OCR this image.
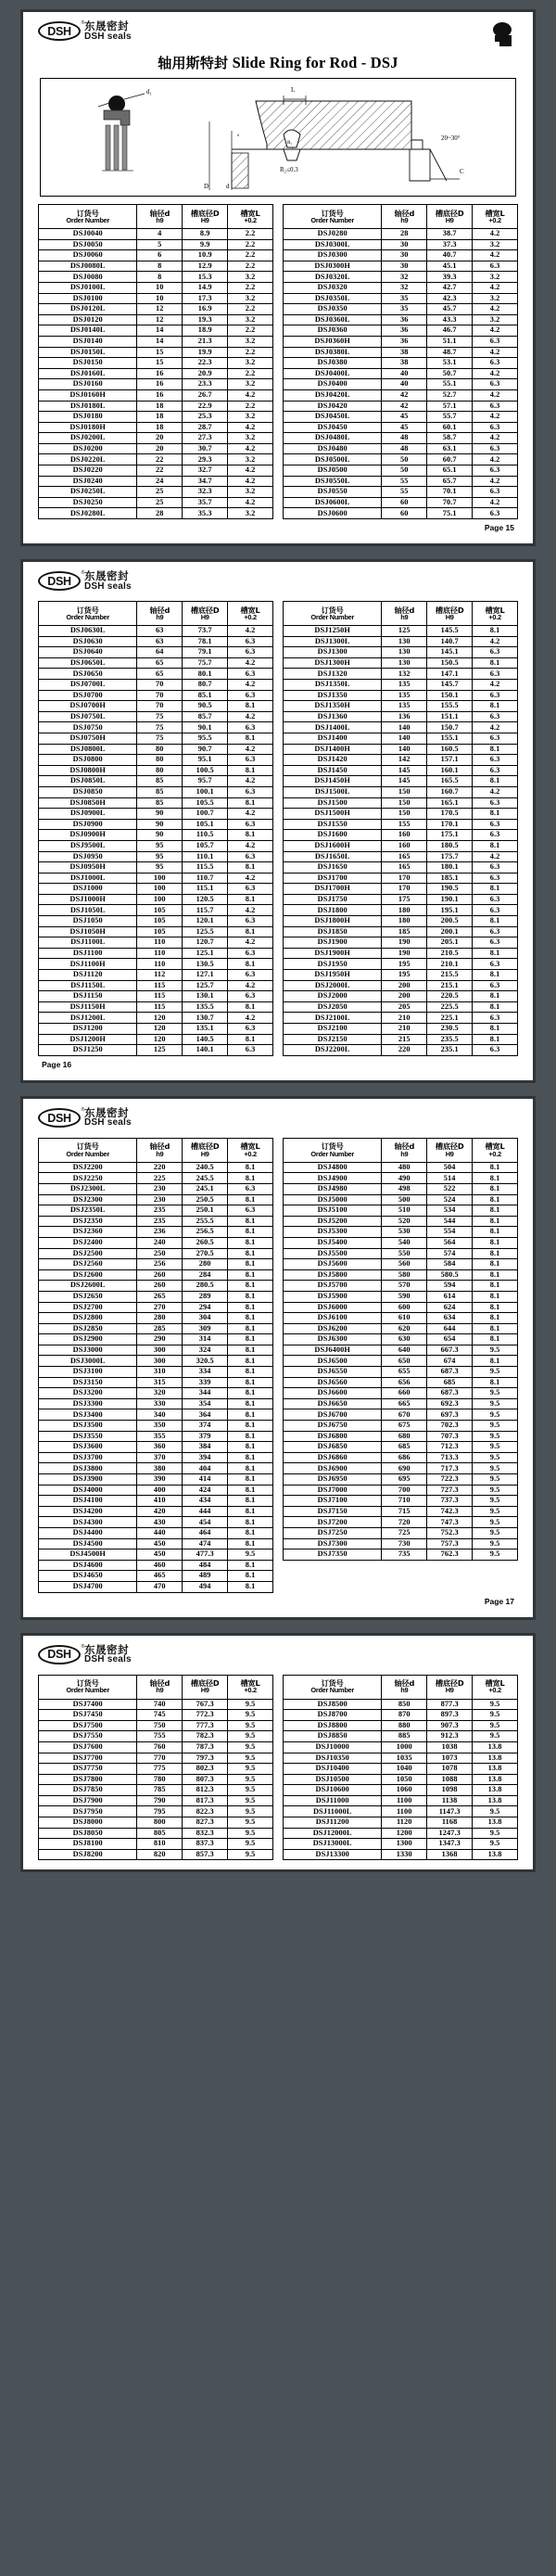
DSH
® 东晟密封
DSH seals
轴用斯特封 Slide Ring for Rod - DSJ
d₁
R₁
R₂≤0.3
L
D	d
s	20~30°
C
订货号
Order Number	轴径d
h9	槽底径D
H9	槽宽L
+0.2

DSJ0040	4	8.9	2.2
DSJ0050	5	9.9	2.2
DSJ0060	6	10.9	2.2
DSJ0080L	8	12.9	2.2
DSJ0080	8	15.3	3.2
DSJ0100L	10	14.9	2.2
DSJ0100	10	17.3	3.2
DSJ0120L	12	16.9	2.2
DSJ0120	12	19.3	3.2
DSJ0140L	14	18.9	2.2
DSJ0140	14	21.3	3.2
DSJ0150L	15	19.9	2.2
DSJ0150	15	22.3	3.2
DSJ0160L	16	20.9	2.2
DSJ0160	16	23.3	3.2
DSJ0160H	16	26.7	4.2
DSJ0180L	18	22.9	2.2
DSJ0180	18	25.3	3.2
DSJ0180H	18	28.7	4.2
DSJ0200L	20	27.3	3.2
DSJ0200	20	30.7	4.2
DSJ0220L	22	29.3	3.2
DSJ0220	22	32.7	4.2
DSJ0240	24	34.7	4.2
DSJ0250L	25	32.3	3.2
DSJ0250	25	35.7	4.2
DSJ0280L	28	35.3	3.2
订货号
Order Number	轴径d
h9	槽底径D
H9	槽宽L
+0.2

DSJ0280	28	38.7	4.2
DSJ0300L	30	37.3	3.2
DSJ0300	30	40.7	4.2
DSJ0300H	30	45.1	6.3
DSJ0320L	32	39.3	3.2
DSJ0320	32	42.7	4.2
DSJ0350L	35	42.3	3.2
DSJ0350	35	45.7	4.2
DSJ0360L	36	43.3	3.2
DSJ0360	36	46.7	4.2
DSJ0360H	36	51.1	6.3
DSJ0380L	38	48.7	4.2
DSJ0380	38	53.1	6.3
DSJ0400L	40	50.7	4.2
DSJ0400	40	55.1	6.3
DSJ0420L	42	52.7	4.2
DSJ0420	42	57.1	6.3
DSJ0450L	45	55.7	4.2
DSJ0450	45	60.1	6.3
DSJ0480L	48	58.7	4.2
DSJ0480	48	63.1	6.3
DSJ0500L	50	60.7	4.2
DSJ0500	50	65.1	6.3
DSJ0550L	55	65.7	4.2
DSJ0550	55	70.1	6.3
DSJ0600L	60	70.7	4.2
DSJ0600	60	75.1	6.3
Page 15
DSH
® 东晟密封
DSH seals
订货号
Order Number	轴径d
h9	槽底径D
H9	槽宽L
+0.2

DSJ0630L	63	73.7	4.2
DSJ0630	63	78.1	6.3
DSJ0640	64	79.1	6.3
DSJ0650L	65	75.7	4.2
DSJ0650	65	80.1	6.3
DSJ0700L	70	80.7	4.2
DSJ0700	70	85.1	6.3
DSJ0700H	70	90.5	8.1
DSJ0750L	75	85.7	4.2
DSJ0750	75	90.1	6.3
DSJ0750H	75	95.5	8.1
DSJ0800L	80	90.7	4.2
DSJ0800	80	95.1	6.3
DSJ0800H	80	100.5	8.1
DSJ0850L	85	95.7	4.2
DSJ0850	85	100.1	6.3
DSJ0850H	85	105.5	8.1
DSJ0900L	90	100.7	4.2
DSJ0900	90	105.1	6.3
DSJ0900H	90	110.5	8.1
DSJ9500L	95	105.7	4.2
DSJ0950	95	110.1	6.3
DSJ0950H	95	115.5	8.1
DSJ1000L	100	110.7	4.2
DSJ1000	100	115.1	6.3
DSJ1000H	100	120.5	8.1
DSJ1050L	105	115.7	4.2
DSJ1050	105	120.1	6.3
DSJ1050H	105	125.5	8.1
DSJ1100L	110	120.7	4.2
DSJ1100	110	125.1	6.3
DSJ1100H	110	130.5	8.1
DSJ1120	112	127.1	6.3
DSJ1150L	115	125.7	4.2
DSJ1150	115	130.1	6.3
DSJ1150H	115	135.5	8.1
DSJ1200L	120	130.7	4.2
DSJ1200	120	135.1	6.3
DSJ1200H	120	140.5	8.1
DSJ1250	125	140.1	6.3
订货号
Order Number	轴径d
h9	槽底径D
H9	槽宽L
+0.2

DSJ1250H	125	145.5	8.1
DSJ1300L	130	140.7	4.2
DSJ1300	130	145.1	6.3
DSJ1300H	130	150.5	8.1
DSJ1320	132	147.1	6.3
DSJ1350L	135	145.7	4.2
DSJ1350	135	150.1	6.3
DSJ1350H	135	155.5	8.1
DSJ1360	136	151.1	6.3
DSJ1400L	140	150.7	4.2
DSJ1400	140	155.1	6.3
DSJ1400H	140	160.5	8.1
DSJ1420	142	157.1	6.3
DSJ1450	145	160.1	6.3
DSJ1450H	145	165.5	8.1
DSJ1500L	150	160.7	4.2
DSJ1500	150	165.1	6.3
DSJ1500H	150	170.5	8.1
DSJ1550	155	170.1	6.3
DSJ1600	160	175.1	6.3
DSJ1600H	160	180.5	8.1
DSJ1650L	165	175.7	4.2
DSJ1650	165	180.1	6.3
DSJ1700	170	185.1	6.3
DSJ1700H	170	190.5	8.1
DSJ1750	175	190.1	6.3
DSJ1800	180	195.1	6.3
DSJ1800H	180	200.5	8.1
DSJ1850	185	200.1	6.3
DSJ1900	190	205.1	6.3
DSJ1900H	190	210.5	8.1
DSJ1950	195	210.1	6.3
DSJ1950H	195	215.5	8.1
DSJ2000L	200	215.1	6.3
DSJ2000	200	220.5	8.1
DSJ2050	205	225.5	8.1
DSJ2100L	210	225.1	6.3
DSJ2100	210	230.5	8.1
DSJ2150	215	235.5	8.1
DSJ2200L	220	235.1	6.3
Page 16
DSH
® 东晟密封
DSH seals
订货号
Order Number	轴径d
h9	槽底径D
H9	槽宽L
+0.2

DSJ2200	220	240.5	8.1
DSJ2250	225	245.5	8.1
DSJ2300L	230	245.1	6.3
DSJ2300	230	250.5	8.1
DSJ2350L	235	250.1	6.3
DSJ2350	235	255.5	8.1
DSJ2360	236	256.5	8.1
DSJ2400	240	260.5	8.1
DSJ2500	250	270.5	8.1
DSJ2560	256	280	8.1
DSJ2600	260	284	8.1
DSJ2600L	260	280.5	8.1
DSJ2650	265	289	8.1
DSJ2700	270	294	8.1
DSJ2800	280	304	8.1
DSJ2850	285	309	8.1
DSJ2900	290	314	8.1
DSJ3000	300	324	8.1
DSJ3000L	300	320.5	8.1
DSJ3100	310	334	8.1
DSJ3150	315	339	8.1
DSJ3200	320	344	8.1
DSJ3300	330	354	8.1
DSJ3400	340	364	8.1
DSJ3500	350	374	8.1
DSJ3550	355	379	8.1
DSJ3600	360	384	8.1
DSJ3700	370	394	8.1
DSJ3800	380	404	8.1
DSJ3900	390	414	8.1
DSJ4000	400	424	8.1
DSJ4100	410	434	8.1
DSJ4200	420	444	8.1
DSJ4300	430	454	8.1
DSJ4400	440	464	8.1
DSJ4500	450	474	8.1
DSJ4500H	450	477.3	9.5
DSJ4600	460	484	8.1
DSJ4650	465	489	8.1
DSJ4700	470	494	8.1
订货号
Order Number	轴径d
h9	槽底径D
H9	槽宽L
+0.2

DSJ4800	480	504	8.1
DSJ4900	490	514	8.1
DSJ4980	498	522	8.1
DSJ5000	500	524	8.1
DSJ5100	510	534	8.1
DSJ5200	520	544	8.1
DSJ5300	530	554	8.1
DSJ5400	540	564	8.1
DSJ5500	550	574	8.1
DSJ5600	560	584	8.1
DSJ5800	580	580.5	8.1
DSJ5700	570	594	8.1
DSJ5900	590	614	8.1
DSJ6000	600	624	8.1
DSJ6100	610	634	8.1
DSJ6200	620	644	8.1
DSJ6300	630	654	8.1
DSJ6400H	640	667.3	9.5
DSJ6500	650	674	8.1
DSJ6550	655	687.3	9.5
DSJ6560	656	685	8.1
DSJ6600	660	687.3	9.5
DSJ6650	665	692.3	9.5
DSJ6700	670	697.3	9.5
DSJ6750	675	702.3	9.5
DSJ6800	680	707.3	9.5
DSJ6850	685	712.3	9.5
DSJ6860	686	713.3	9.5
DSJ6900	690	717.3	9.5
DSJ6950	695	722.3	9.5
DSJ7000	700	727.3	9.5
DSJ7100	710	737.3	9.5
DSJ7150	715	742.3	9.5
DSJ7200	720	747.3	9.5
DSJ7250	725	752.3	9.5
DSJ7300	730	757.3	9.5
DSJ7350	735	762.3	9.5
Page 17
DSH
® 东晟密封
DSH seals
订货号
Order Number	轴径d
h9	槽底径D
H9	槽宽L
+0.2

DSJ7400	740	767.3	9.5
DSJ7450	745	772.3	9.5
DSJ7500	750	777.3	9.5
DSJ7550	755	782.3	9.5
DSJ7600	760	787.3	9.5
DSJ7700	770	797.3	9.5
DSJ7750	775	802.3	9.5
DSJ7800	780	807.3	9.5
DSJ7850	785	812.3	9.5
DSJ7900	790	817.3	9.5
DSJ7950	795	822.3	9.5
DSJ8000	800	827.3	9.5
DSJ8050	805	832.3	9.5
DSJ8100	810	837.3	9.5
DSJ8200	820	857.3	9.5
订货号
Order Number	轴径d
h9	槽底径D
H9	槽宽L
+0.2

DSJ8500	850	877.3	9.5
DSJ8700	870	897.3	9.5
DSJ8800	880	907.3	9.5
DSJ8850	885	912.3	9.5
DSJ10000	1000	1038	13.8
DSJ10350	1035	1073	13.8
DSJ10400	1040	1078	13.8
DSJ10500	1050	1088	13.8
DSJ10600	1060	1098	13.8
DSJ11000	1100	1138	13.8
DSJ11000L	1100	1147.3	9.5
DSJ11200	1120	1168	13.8
DSJ12000L	1200	1247.3	9.5
DSJ13000L	1300	1347.3	9.5
DSJ13300	1330	1368	13.8
